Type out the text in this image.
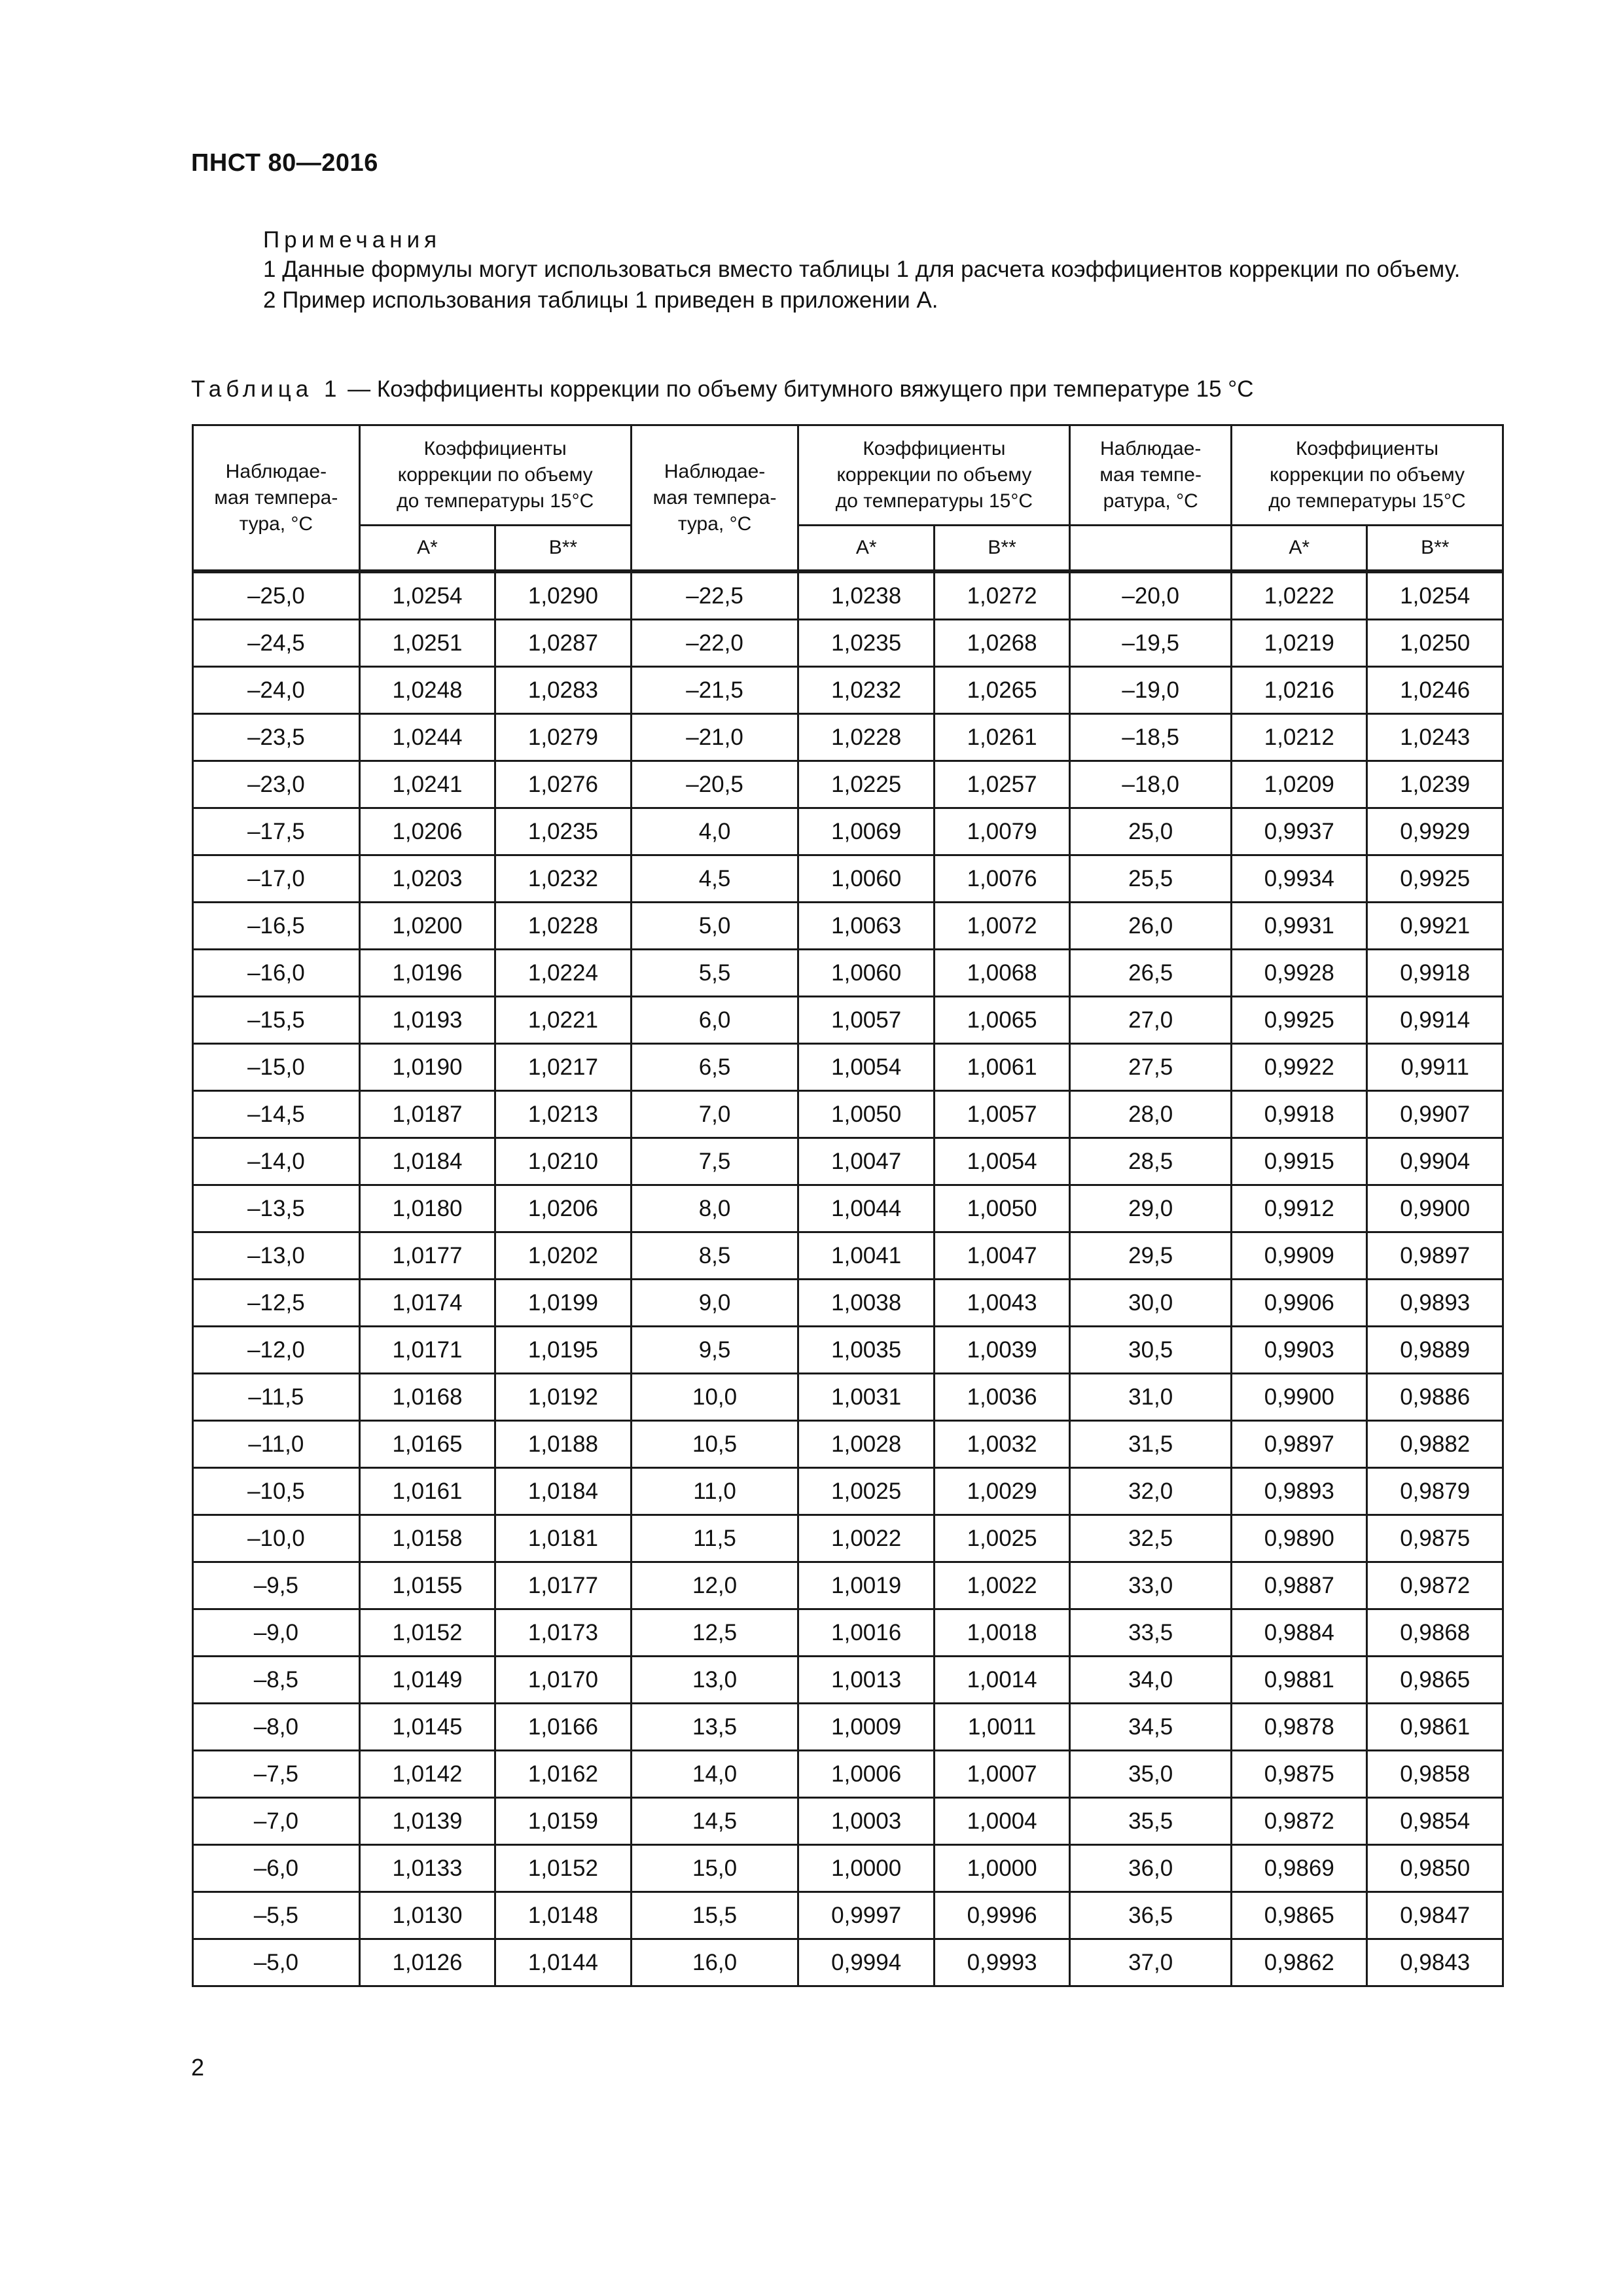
ПНСТ 80—2016
Примечания
1 Данные формулы могут использоваться вместо таблицы 1 для расчета коэффициентов коррекции по объему.
2 Пример использования таблицы 1 приведен в приложении А.
Таблица 1 — Коэффициенты коррекции по объему битумного вяжущего при температуре 15 °С
Наблюдае-
мая темпера-
тура, °С	Коэффициенты
коррекции по объему
до температуры 15°С		Наблюдае-
мая темпера-
тура, °С	Коэффициенты
коррекции по объему
до температуры 15°С		Наблюдае-
мая темпе-
ратура, °С	Коэффициенты
коррекции по объему
до температуры 15°С	

	А*	В**		А*	В**		А*	В**
–25,0	1,0254	1,0290	–22,5	1,0238	1,0272	–20,0	1,0222	1,0254
–24,5	1,0251	1,0287	–22,0	1,0235	1,0268	–19,5	1,0219	1,0250
–24,0	1,0248	1,0283	–21,5	1,0232	1,0265	–19,0	1,0216	1,0246
–23,5	1,0244	1,0279	–21,0	1,0228	1,0261	–18,5	1,0212	1,0243
–23,0	1,0241	1,0276	–20,5	1,0225	1,0257	–18,0	1,0209	1,0239
–17,5	1,0206	1,0235	4,0	1,0069	1,0079	25,0	0,9937	0,9929
–17,0	1,0203	1,0232	4,5	1,0060	1,0076	25,5	0,9934	0,9925
–16,5	1,0200	1,0228	5,0	1,0063	1,0072	26,0	0,9931	0,9921
–16,0	1,0196	1,0224	5,5	1,0060	1,0068	26,5	0,9928	0,9918
–15,5	1,0193	1,0221	6,0	1,0057	1,0065	27,0	0,9925	0,9914
–15,0	1,0190	1,0217	6,5	1,0054	1,0061	27,5	0,9922	0,9911
–14,5	1,0187	1,0213	7,0	1,0050	1,0057	28,0	0,9918	0,9907
–14,0	1,0184	1,0210	7,5	1,0047	1,0054	28,5	0,9915	0,9904
–13,5	1,0180	1,0206	8,0	1,0044	1,0050	29,0	0,9912	0,9900
–13,0	1,0177	1,0202	8,5	1,0041	1,0047	29,5	0,9909	0,9897
–12,5	1,0174	1,0199	9,0	1,0038	1,0043	30,0	0,9906	0,9893
–12,0	1,0171	1,0195	9,5	1,0035	1,0039	30,5	0,9903	0,9889
–11,5	1,0168	1,0192	10,0	1,0031	1,0036	31,0	0,9900	0,9886
–11,0	1,0165	1,0188	10,5	1,0028	1,0032	31,5	0,9897	0,9882
–10,5	1,0161	1,0184	11,0	1,0025	1,0029	32,0	0,9893	0,9879
–10,0	1,0158	1,0181	11,5	1,0022	1,0025	32,5	0,9890	0,9875
–9,5	1,0155	1,0177	12,0	1,0019	1,0022	33,0	0,9887	0,9872
–9,0	1,0152	1,0173	12,5	1,0016	1,0018	33,5	0,9884	0,9868
–8,5	1,0149	1,0170	13,0	1,0013	1,0014	34,0	0,9881	0,9865
–8,0	1,0145	1,0166	13,5	1,0009	1,0011	34,5	0,9878	0,9861
–7,5	1,0142	1,0162	14,0	1,0006	1,0007	35,0	0,9875	0,9858
–7,0	1,0139	1,0159	14,5	1,0003	1,0004	35,5	0,9872	0,9854
–6,0	1,0133	1,0152	15,0	1,0000	1,0000	36,0	0,9869	0,9850
–5,5	1,0130	1,0148	15,5	0,9997	0,9996	36,5	0,9865	0,9847
–5,0	1,0126	1,0144	16,0	0,9994	0,9993	37,0	0,9862	0,9843
2
